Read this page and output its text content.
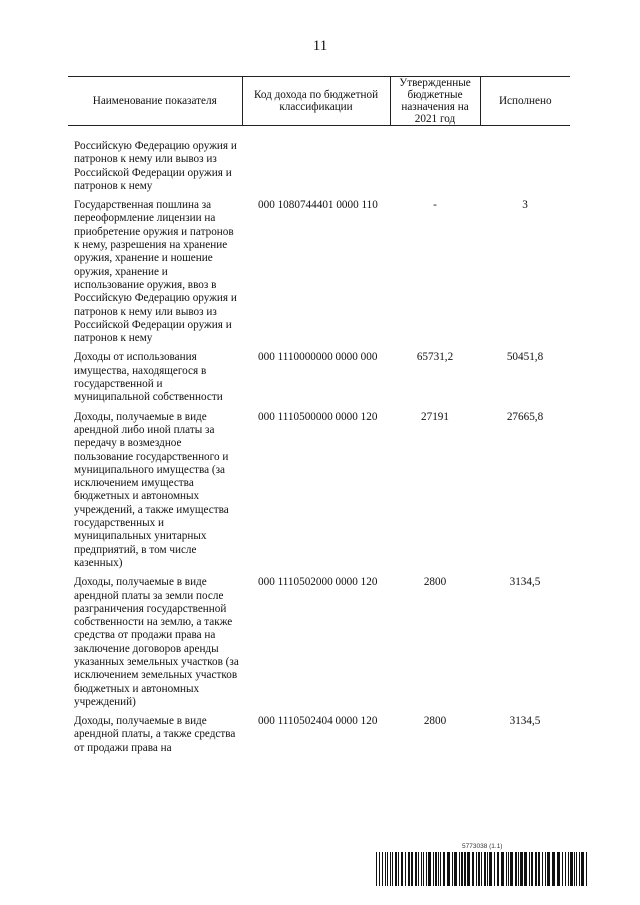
11
Наименование показателя	Код дохода по бюджетной классификации	Утвержденные бюджетные назначения на 2021 год	Исполнено
Российскую Федерацию оружия и патронов к нему или вывоз из Российской Федерации оружия и патронов к нему			
Государственная пошлина за переоформление лицензии на приобретение оружия и патронов к нему, разрешения на хранение оружия, хранение и ношение оружия, хранение и использование оружия, ввоз в Российскую Федерацию оружия и патронов к нему или вывоз из Российской Федерации оружия и патронов к нему	000 1080744401 0000 110	-	3
Доходы от использования имущества, находящегося в государственной и муниципальной собственности	000 1110000000 0000 000	65731,2	50451,8
Доходы, получаемые в виде арендной либо иной платы за передачу в возмездное пользование государственного и муниципального имущества (за исключением имущества бюджетных и автономных учреждений, а также имущества государственных и муниципальных унитарных предприятий, в том числе казенных)	000 1110500000 0000 120	27191	27665,8
Доходы, получаемые в виде арендной платы за земли после разграничения государственной собственности на землю, а также средства от продажи права на заключение договоров аренды указанных земельных участков (за исключением земельных участков бюджетных и автономных учреждений)	000 1110502000 0000 120	2800	3134,5
Доходы, получаемые в виде арендной платы, а также средства от продажи права на	000 1110502404 0000 120	2800	3134,5
5773038 (1.1)
